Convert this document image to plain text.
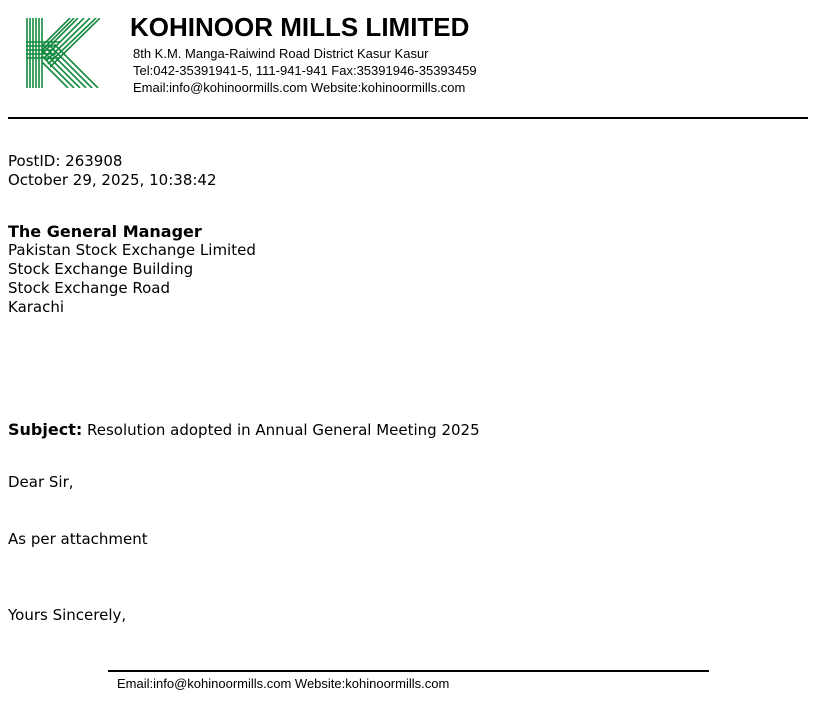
KOHINOOR MILLS LIMITED
8th K.M. Manga-Raiwind Road District Kasur Kasur
Tel:042-35391941-5, 111-941-941 Fax:35391946-35393459
Email:info@kohinoormills.com Website:kohinoormills.com
PostID: 263908
October 29, 2025, 10:38:42
The General Manager
Pakistan Stock Exchange Limited
Stock Exchange Building
Stock Exchange Road
Karachi
Subject: Resolution adopted in Annual General Meeting 2025
Dear Sir,
As per attachment
Yours Sincerely,
Email:info@kohinoormills.com Website:kohinoormills.com
